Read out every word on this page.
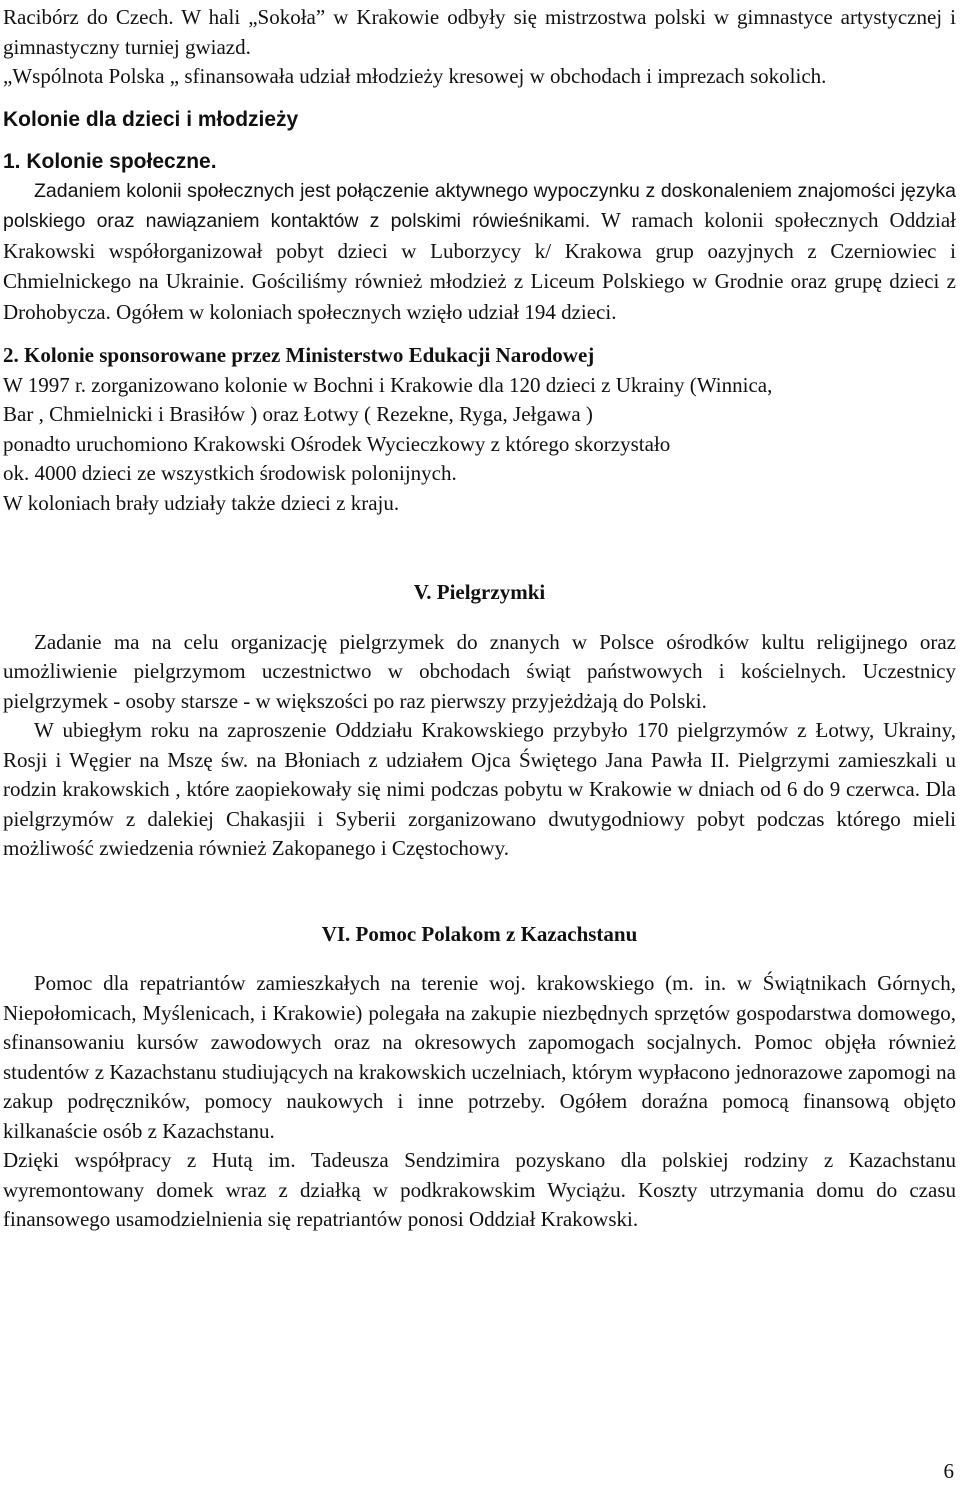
Racibórz do Czech. W hali „Sokoła” w Krakowie odbyły się mistrzostwa polski w gimnastyce artystycznej i gimnastyczny turniej gwiazd.

„Wspólnota Polska „ sfinansowała udział młodzieży kresowej w obchodach i imprezach sokolich.

Kolonie dla dzieci i młodzieży

1. Kolonie społeczne.

Zadaniem kolonii społecznych jest połączenie aktywnego wypoczynku z doskonaleniem znajomości języka polskiego oraz nawiązaniem kontaktów z polskimi rówieśnikami. W ramach kolonii społecznych Oddział Krakowski współorganizował pobyt dzieci w Luborzycy k/ Krakowa grup oazyjnych z Czerniowiec i Chmielnickego na Ukrainie. Gościliśmy również młodzież z Liceum Polskiego w Grodnie oraz grupę dzieci z Drohobycza. Ogółem w koloniach społecznych wzięło udział 194 dzieci.

2. Kolonie sponsorowane przez Ministerstwo Edukacji Narodowej

W 1997 r. zorganizowano kolonie w Bochni i Krakowie dla 120 dzieci z Ukrainy (Winnica,

Bar , Chmielnicki i Brasiłów ) oraz Łotwy ( Rezekne, Ryga, Jełgawa )

ponadto uruchomiono Krakowski Ośrodek Wycieczkowy z którego skorzystało

ok. 4000 dzieci ze wszystkich środowisk polonijnych.

W koloniach brały udziały także dzieci z kraju.

V. Pielgrzymki

Zadanie ma na celu organizację pielgrzymek do znanych w Polsce ośrodków kultu religijnego oraz umożliwienie pielgrzymom uczestnictwo w obchodach świąt państwowych i kościelnych. Uczestnicy pielgrzymek - osoby starsze - w większości po raz pierwszy przyjeżdżają do Polski.

W ubiegłym roku na zaproszenie Oddziału Krakowskiego przybyło 170 pielgrzymów z Łotwy, Ukrainy, Rosji i Węgier na Mszę św. na Błoniach z udziałem Ojca Świętego Jana Pawła II. Pielgrzymi zamieszkali u rodzin krakowskich , które zaopiekowały się nimi podczas pobytu w Krakowie w dniach od 6 do 9 czerwca. Dla pielgrzymów z dalekiej Chakasjii i Syberii zorganizowano dwutygodniowy pobyt podczas którego mieli możliwość zwiedzenia również Zakopanego i Częstochowy.

VI. Pomoc Polakom z Kazachstanu

Pomoc dla repatriantów zamieszkałych na terenie woj. krakowskiego (m. in. w Świątnikach Górnych, Niepołomicach, Myślenicach, i Krakowie) polegała na zakupie niezbędnych sprzętów gospodarstwa domowego, sfinansowaniu kursów zawodowych oraz na okresowych zapomogach socjalnych. Pomoc objęła również studentów z Kazachstanu studiujących na krakowskich uczelniach, którym wypłacono jednorazowe zapomogi na zakup podręczników, pomocy naukowych i inne potrzeby. Ogółem doraźna pomocą finansową objęto kilkanaście osób z Kazachstanu.

Dzięki współpracy z Hutą im. Tadeusza Sendzimira pozyskano dla polskiej rodziny z Kazachstanu wyremontowany domek wraz z działką w podkrakowskim Wyciążu. Koszty utrzymania domu do czasu finansowego usamodzielnienia się repatriantów ponosi Oddział Krakowski.

6
